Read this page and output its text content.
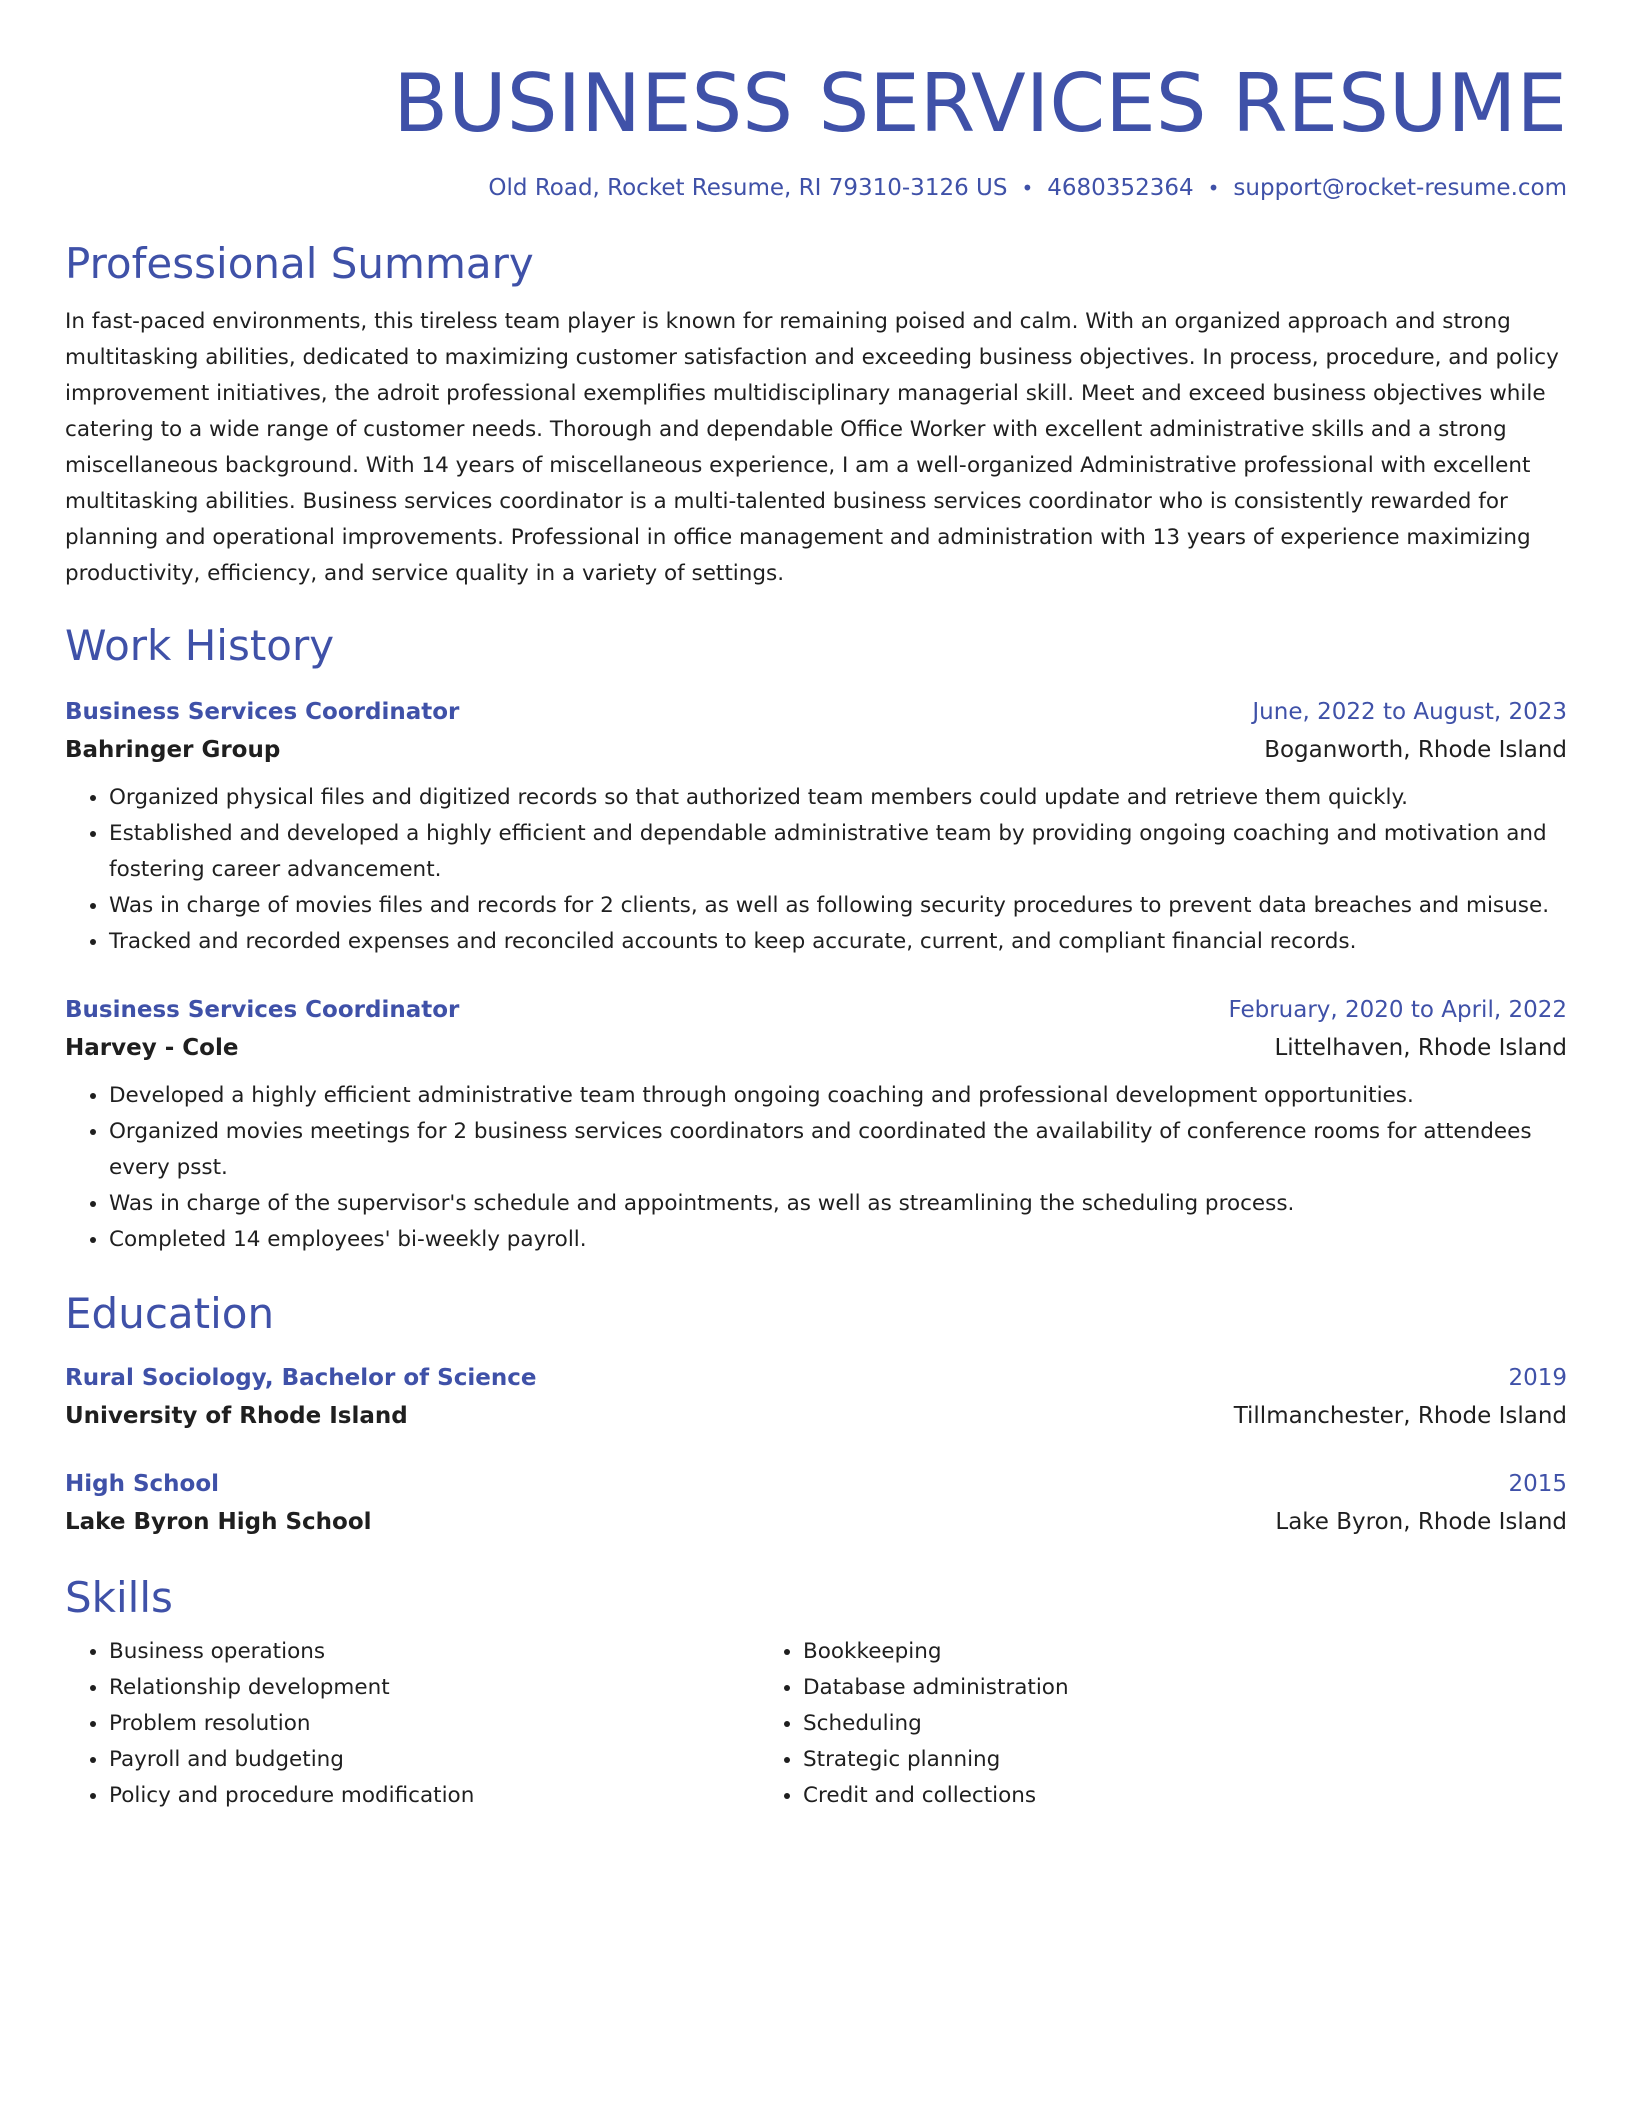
BUSINESS SERVICES RESUME
Old Road, Rocket Resume, RI 79310-3126 US • 4680352364 • support@rocket-resume.com
Professional Summary
In fast-paced environments, this tireless team player is known for remaining poised and calm. With an organized approach and strong multitasking abilities, dedicated to maximizing customer satisfaction and exceeding business objectives. In process, procedure, and policy improvement initiatives, the adroit professional exemplifies multidisciplinary managerial skill. Meet and exceed business objectives while catering to a wide range of customer needs. Thorough and dependable Office Worker with excellent administrative skills and a strong miscellaneous background. With 14 years of miscellaneous experience, I am a well-organized Administrative professional with excellent multitasking abilities. Business services coordinator is a multi-talented business services coordinator who is consistently rewarded for planning and operational improvements. Professional in office management and administration with 13 years of experience maximizing productivity, efficiency, and service quality in a variety of settings.
Work History
Business Services Coordinator	June, 2022 to August, 2023
Bahringer Group	Boganworth, Rhode Island
• Organized physical files and digitized records so that authorized team members could update and retrieve them quickly.
• Established and developed a highly efficient and dependable administrative team by providing ongoing coaching and motivation and fostering career advancement.
• Was in charge of movies files and records for 2 clients, as well as following security procedures to prevent data breaches and misuse.
• Tracked and recorded expenses and reconciled accounts to keep accurate, current, and compliant financial records.
Business Services Coordinator	February, 2020 to April, 2022
Harvey - Cole	Littelhaven, Rhode Island
• Developed a highly efficient administrative team through ongoing coaching and professional development opportunities.
• Organized movies meetings for 2 business services coordinators and coordinated the availability of conference rooms for attendees every psst.
• Was in charge of the supervisor's schedule and appointments, as well as streamlining the scheduling process.
• Completed 14 employees' bi-weekly payroll.
Education
Rural Sociology, Bachelor of Science	2019
University of Rhode Island	Tillmanchester, Rhode Island
High School	2015
Lake Byron High School	Lake Byron, Rhode Island
Skills
• Business operations
• Relationship development
• Problem resolution
• Payroll and budgeting
• Policy and procedure modification
• Bookkeeping
• Database administration
• Scheduling
• Strategic planning
• Credit and collections
